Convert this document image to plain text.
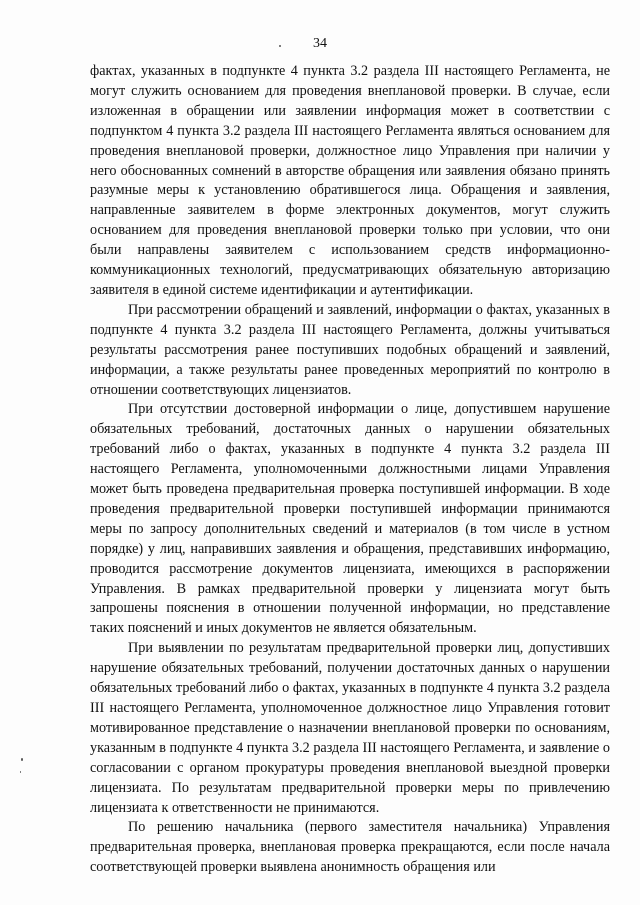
34

фактах, указанных в подпункте 4 пункта 3.2 раздела III настоящего Регламента, не могут служить основанием для проведения внеплановой проверки. В случае, если изложенная в обращении или заявлении информация может в соответствии с подпунктом 4 пункта 3.2 раздела III настоящего Регламента являться основанием для проведения внеплановой проверки, должностное лицо Управления при наличии у него обоснованных сомнений в авторстве обращения или заявления обязано принять разумные меры к установлению обратившегося лица. Обращения и заявления, направленные заявителем в форме электронных документов, могут служить основанием для проведения внеплановой проверки только при условии, что они были направлены заявителем с использованием средств информационно-коммуникационных технологий, предусматривающих обязательную авторизацию заявителя в единой системе идентификации и аутентификации.

При рассмотрении обращений и заявлений, информации о фактах, указанных в подпункте 4 пункта 3.2 раздела III настоящего Регламента, должны учитываться результаты рассмотрения ранее поступивших подобных обращений и заявлений, информации, а также результаты ранее проведенных мероприятий по контролю в отношении соответствующих лицензиатов.

При отсутствии достоверной информации о лице, допустившем нарушение обязательных требований, достаточных данных о нарушении обязательных требований либо о фактах, указанных в подпункте 4 пункта 3.2 раздела III настоящего Регламента, уполномоченными должностными лицами Управления может быть проведена предварительная проверка поступившей информации. В ходе проведения предварительной проверки поступившей информации принимаются меры по запросу дополнительных сведений и материалов (в том числе в устном порядке) у лиц, направивших заявления и обращения, представивших информацию, проводится рассмотрение документов лицензиата, имеющихся в распоряжении Управления. В рамках предварительной проверки у лицензиата могут быть запрошены пояснения в отношении полученной информации, но представление таких пояснений и иных документов не является обязательным.

При выявлении по результатам предварительной проверки лиц, допустивших нарушение обязательных требований, получении достаточных данных о нарушении обязательных требований либо о фактах, указанных в подпункте 4 пункта 3.2 раздела III настоящего Регламента, уполномоченное должностное лицо Управления готовит мотивированное представление о назначении внеплановой проверки по основаниям, указанным в подпункте 4 пункта 3.2 раздела III настоящего Регламента, и заявление о согласовании с органом прокуратуры проведения внеплановой выездной проверки лицензиата. По результатам предварительной проверки меры по привлечению лицензиата к ответственности не принимаются.

По решению начальника (первого заместителя начальника) Управления предварительная проверка, внеплановая проверка прекращаются, если после начала соответствующей проверки выявлена анонимность обращения или
